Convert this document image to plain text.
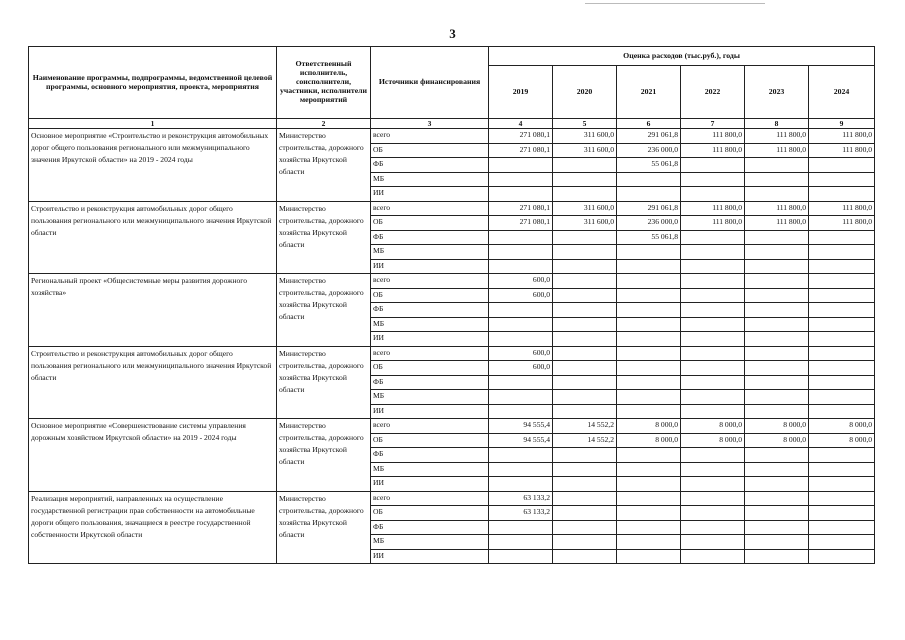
3
Наименование программы, подпрограммы, ведомственной целевой программы, основного мероприятия, проекта, мероприятия	Ответственный исполнитель, соисполнители, участники, исполнители мероприятий	Источники финансирования	Оценка расходов (тыс.руб.), годы					
			2019	2020	2021	2022	2023	2024
1	2	3	4	5	6	7	8	9
Основное мероприятие «Строительство и реконструкция автомобильных дорог общего пользования регионального или межмуниципального значения Иркутской области» на 2019 - 2024 годы	Министерство строительства, дорожного хозяйства Иркутской области	всего	271 080,1	311 600,0	291 061,8	111 800,0	111 800,0	111 800,0
		ОБ	271 080,1	311 600,0	236 000,0	111 800,0	111 800,0	111 800,0
		ФБ			55 061,8			
		МБ						
		ИИ						
Строительство и реконструкция автомобильных дорог общего пользования регионального или межмуниципального значения Иркутской области	Министерство строительства, дорожного хозяйства Иркутской области	всего	271 080,1	311 600,0	291 061,8	111 800,0	111 800,0	111 800,0
		ОБ	271 080,1	311 600,0	236 000,0	111 800,0	111 800,0	111 800,0
		ФБ			55 061,8			
		МБ						
		ИИ						
Региональный проект «Общесистемные меры развития дорожного хозяйства»	Министерство строительства, дорожного хозяйства Иркутской области	всего	600,0					
		ОБ	600,0					
		ФБ						
		МБ						
		ИИ						
Строительство и реконструкция автомобильных дорог общего пользования регионального или межмуниципального значения Иркутской области	Министерство строительства, дорожного хозяйства Иркутской области	всего	600,0					
		ОБ	600,0					
		ФБ						
		МБ						
		ИИ						
Основное мероприятие «Совершенствование системы управления дорожным хозяйством Иркутской области» на 2019 - 2024 годы	Министерство строительства, дорожного хозяйства Иркутской области	всего	94 555,4	14 552,2	8 000,0	8 000,0	8 000,0	8 000,0
		ОБ	94 555,4	14 552,2	8 000,0	8 000,0	8 000,0	8 000,0
		ФБ						
		МБ						
		ИИ						
Реализация мероприятий, направленных на осуществление государственной регистрации прав собственности на автомобильные дороги общего пользования, значащиеся в реестре государственной собственности Иркутской области	Министерство строительства, дорожного хозяйства Иркутской области	всего	63 133,2					
		ОБ	63 133,2					
		ФБ						
		МБ						
		ИИ						
